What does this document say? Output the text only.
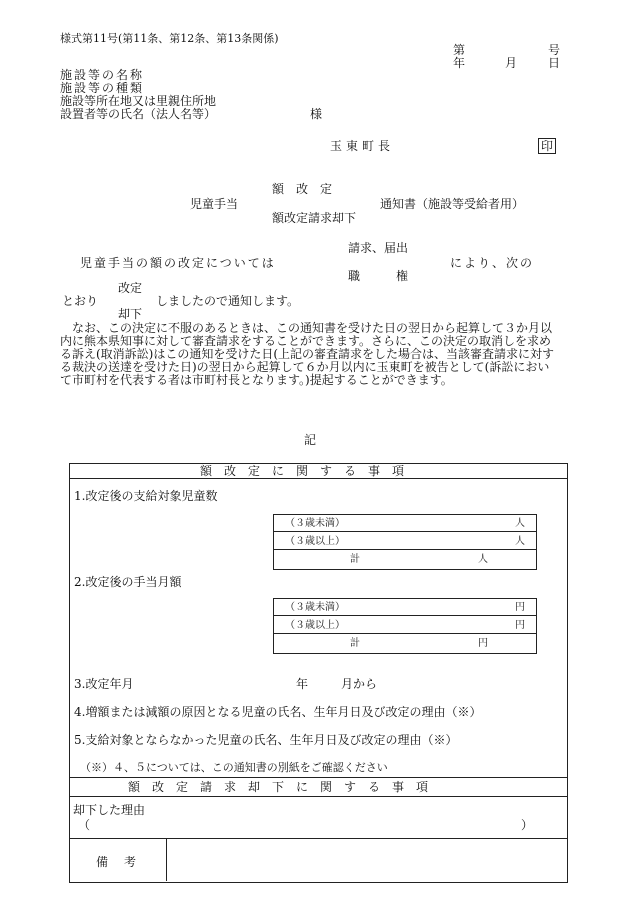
様式第11号(第11条、第12条、第13条関係)
第	号
年	月	日
施設等の名称
施設等の種類
施設等所在地又は里親住所地
設置者等の氏名（法人名等）	様
玉東町長	印
額　改　定
児童手当	通知書（施設等受給者用）
額改定請求却下
請求、届出
児童手当の額の改定については	により、次の
職　　　権
改定
とおり	しましたので通知します。
却下
　なお、この決定に不服のあるときは、この通知書を受けた日の翌日から起算して３か月以内に熊本県知事に対して審査請求をすることができます。さらに、この決定の取消しを求める訴え(取消訴訟)はこの通知を受けた日(上記の審査請求をした場合は、当該審査請求に対する裁決の送達を受けた日)の翌日から起算して６か月以内に玉東町を被告として(訴訟において市町村を代表する者は市町村長となります。)提起することができます。
記
額　改　定　に　関　す　る　事　項
1.改定後の支給対象児童数
（３歳未満）	人
（３歳以上）	人
計	人
2.改定後の手当月額
（３歳未満）	円
（３歳以上）	円
計	円
3.改定年月	年	月から
4.増額または減額の原因となる児童の氏名、生年月日及び改定の理由（※）
5.支給対象とならなかった児童の氏名、生年月日及び改定の理由（※）
（※）４、５については、この通知書の別紙をご確認ください
額　改　定　請　求　却　下　に　関　す　る　事　項
却下した理由
（	）
備　考
